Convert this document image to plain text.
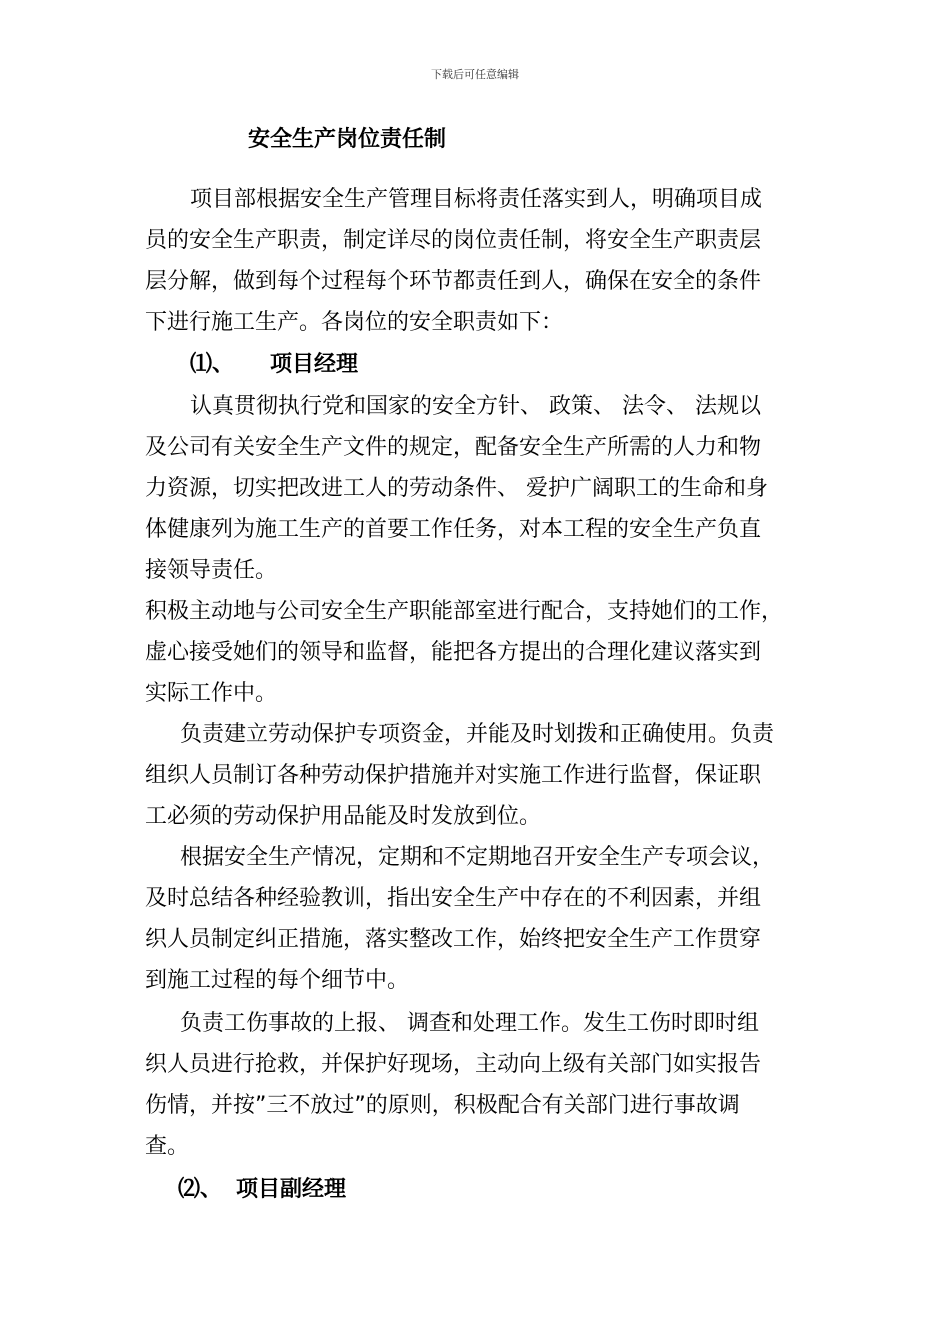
下载后可任意编辑
安全生产岗位责任制
项目部根据安全生产管理目标将责任落实到人，明确项目成
员的安全生产职责，制定详尽的岗位责任制，将安全生产职责层
层分解，做到每个过程每个环节都责任到人，确保在安全的条件
下进行施工生产。各岗位的安全职责如下：
⑴、 项目经理
认真贯彻执行党和国家的安全方针、 政策、 法令、 法规以
及公司有关安全生产文件的规定，配备安全生产所需的人力和物
力资源，切实把改进工人的劳动条件、 爱护广阔职工的生命和身
体健康列为施工生产的首要工作任务，对本工程的安全生产负直
接领导责任。
积极主动地与公司安全生产职能部室进行配合，支持她们的工作，
虚心接受她们的领导和监督，能把各方提出的合理化建议落实到
实际工作中。
负责建立劳动保护专项资金，并能及时划拨和正确使用。负责
组织人员制订各种劳动保护措施并对实施工作进行监督，保证职
工必须的劳动保护用品能及时发放到位。
根据安全生产情况，定期和不定期地召开安全生产专项会议，
及时总结各种经验教训，指出安全生产中存在的不利因素，并组
织人员制定纠正措施，落实整改工作，始终把安全生产工作贯穿
到施工过程的每个细节中。
负责工伤事故的上报、 调查和处理工作。发生工伤时即时组
织人员进行抢救，并保护好现场，主动向上级有关部门如实报告
伤情，并按”三不放过”的原则，积极配合有关部门进行事故调
查。
⑵、 项目副经理
